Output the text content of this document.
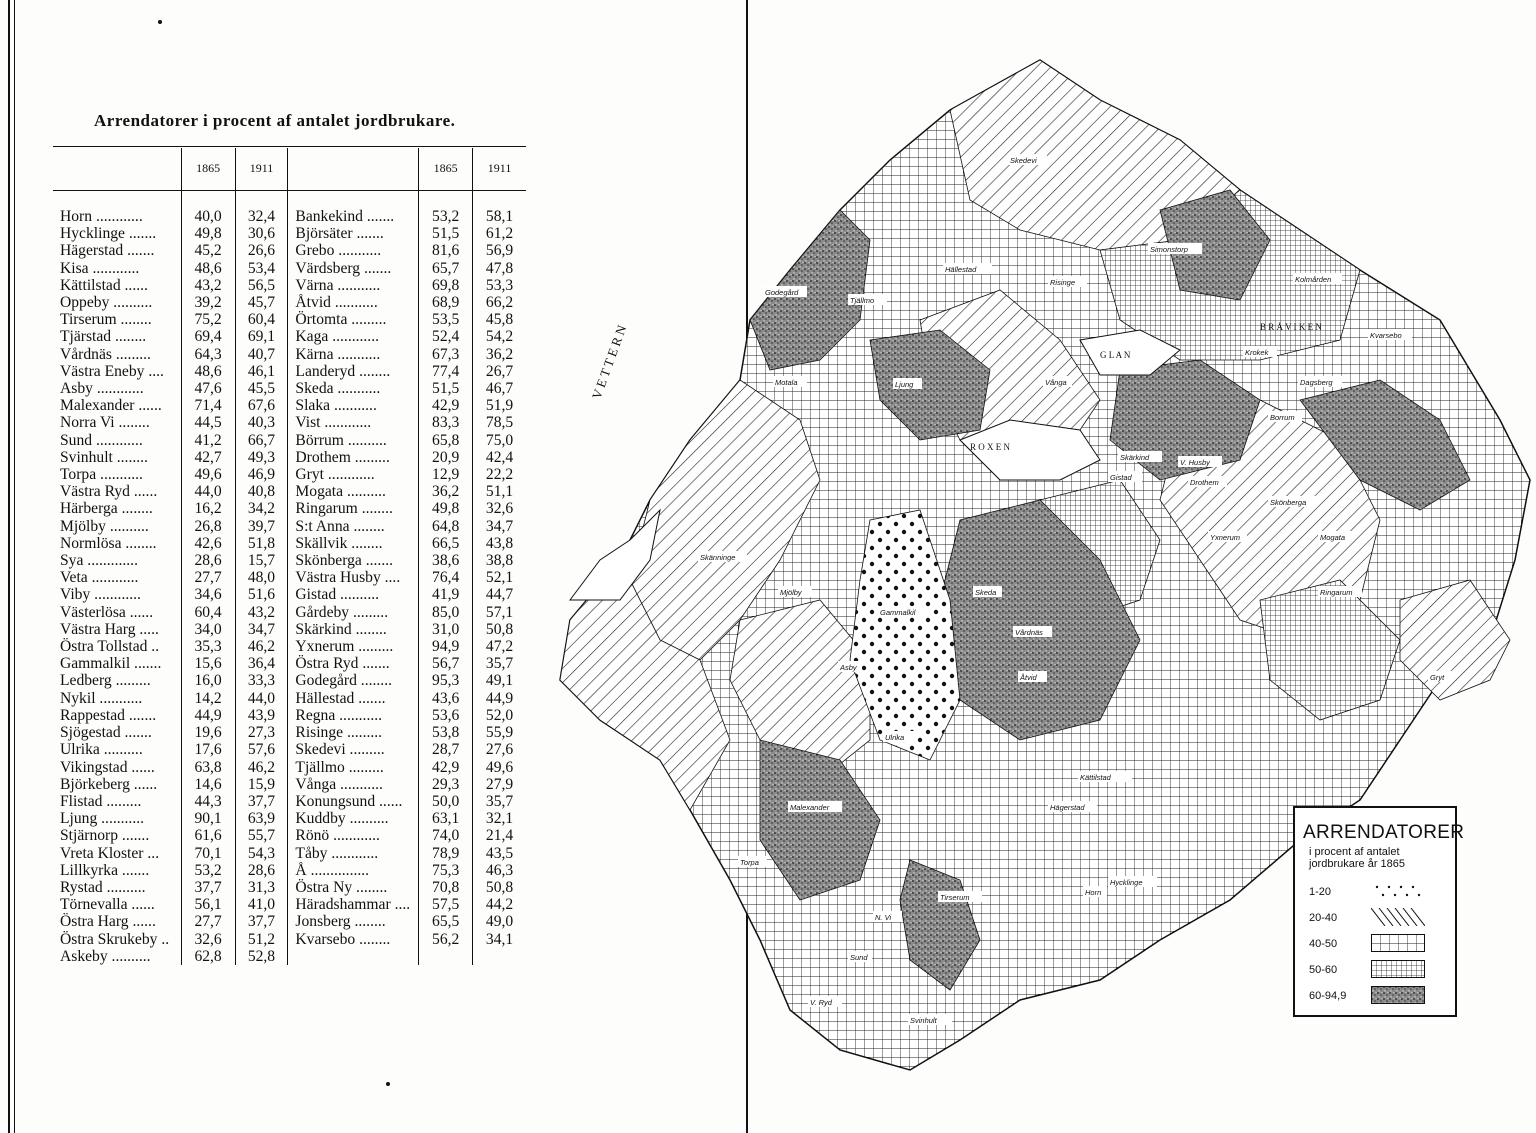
Arrendatorer i procent af antalet jordbrukare.
	1865	1911		1865	1911

Horn ............	40,0	32,4	Bankekind .......	53,2	58,1
Hycklinge .......	49,8	30,6	Björsäter .......	51,5	61,2
Hägerstad .......	45,2	26,6	Grebo ...........	81,6	56,9
Kisa ............	48,6	53,4	Värdsberg .......	65,7	47,8
Kättilstad ......	43,2	56,5	Värna ...........	69,8	53,3
Oppeby ..........	39,2	45,7	Åtvid ...........	68,9	66,2
Tirserum ........	75,2	60,4	Örtomta .........	53,5	45,8
Tjärstad ........	69,4	69,1	Kaga ............	52,4	54,2
Vårdnäs .........	64,3	40,7	Kärna ...........	67,3	36,2
Västra Eneby ....	48,6	46,1	Landeryd ........	77,4	26,7
Asby ............	47,6	45,5	Skeda ...........	51,5	46,7
Malexander ......	71,4	67,6	Slaka ...........	42,9	51,9
Norra Vi ........	44,5	40,3	Vist ............	83,3	78,5
Sund ............	41,2	66,7	Börrum ..........	65,8	75,0
Svinhult ........	42,7	49,3	Drothem .........	20,9	42,4
Torpa ...........	49,6	46,9	Gryt ............	12,9	22,2
Västra Ryd ......	44,0	40,8	Mogata ..........	36,2	51,1
Härberga ........	16,2	34,2	Ringarum ........	49,8	32,6
Mjölby ..........	26,8	39,7	S:t Anna ........	64,8	34,7
Normlösa ........	42,6	51,8	Skällvik ........	66,5	43,8
Sya .............	28,6	15,7	Skönberga .......	38,6	38,8
Veta ............	27,7	48,0	Västra Husby ....	76,4	52,1
Viby ............	34,6	51,6	Gistad ..........	41,9	44,7
Västerlösa ......	60,4	43,2	Gårdeby .........	85,0	57,1
Västra Harg .....	34,0	34,7	Skärkind ........	31,0	50,8
Östra Tollstad ..	35,3	46,2	Yxnerum .........	94,9	47,2
Gammalkil .......	15,6	36,4	Östra Ryd .......	56,7	35,7
Ledberg .........	16,0	33,3	Godegård ........	95,3	49,1
Nykil ...........	14,2	44,0	Hällestad .......	43,6	44,9
Rappestad .......	44,9	43,9	Regna ...........	53,6	52,0
Sjögestad .......	19,6	27,3	Risinge .........	53,8	55,9
Ulrika ..........	17,6	57,6	Skedevi .........	28,7	27,6
Vikingstad ......	63,8	46,2	Tjällmo .........	42,9	49,6
Björkeberg ......	14,6	15,9	Vånga ...........	29,3	27,9
Flistad .........	44,3	37,7	Konungsund ......	50,0	35,7
Ljung ...........	90,1	63,9	Kuddby ..........	63,1	32,1
Stjärnorp .......	61,6	55,7	Rönö ............	74,0	21,4
Vreta Kloster ...	70,1	54,3	Tåby ............	78,9	43,5
Lillkyrka .......	53,2	28,6	Å ...............	75,3	46,3
Rystad ..........	37,7	31,3	Östra Ny ........	70,8	50,8
Törnevalla ......	56,1	41,0	Häradshammar ....	57,5	44,2
Östra Harg ......	27,7	37,7	Jonsberg ........	65,5	49,0
Östra Skrukeby ..	32,6	51,2	Kvarsebo ........	56,2	34,1
Askeby ..........	62,8	52,8			
V E T T E R N
R O X E N
G L A N
B R Å V I K E N
Godegård
Tjällmo
Hällestad
Risinge
Skedevi
Simonstorp
Kvarsebo
Kolmården
Ljung
Motala	Vånga
Krokek
Asby
Malexander
Kättilstad
Hägerstad
Hycklinge
Horn
Torpa
N. Vi
Sund
Svinhult
V. Ryd
Tirserum
Ringarum
Mogata
Gryt
Skänninge
Mjölby
Ulrika
Gammalkil
Åtvid
Vårdnäs
Skeda
Gistad
Skärkind
V. Husby
Yxnerum
Drothem
Skönberga
Borrum
Dagsberg
ARRENDATORER
i procent af antalet jordbrukare år 1865
1-20
20-40
40-50
50-60
60-94,9
